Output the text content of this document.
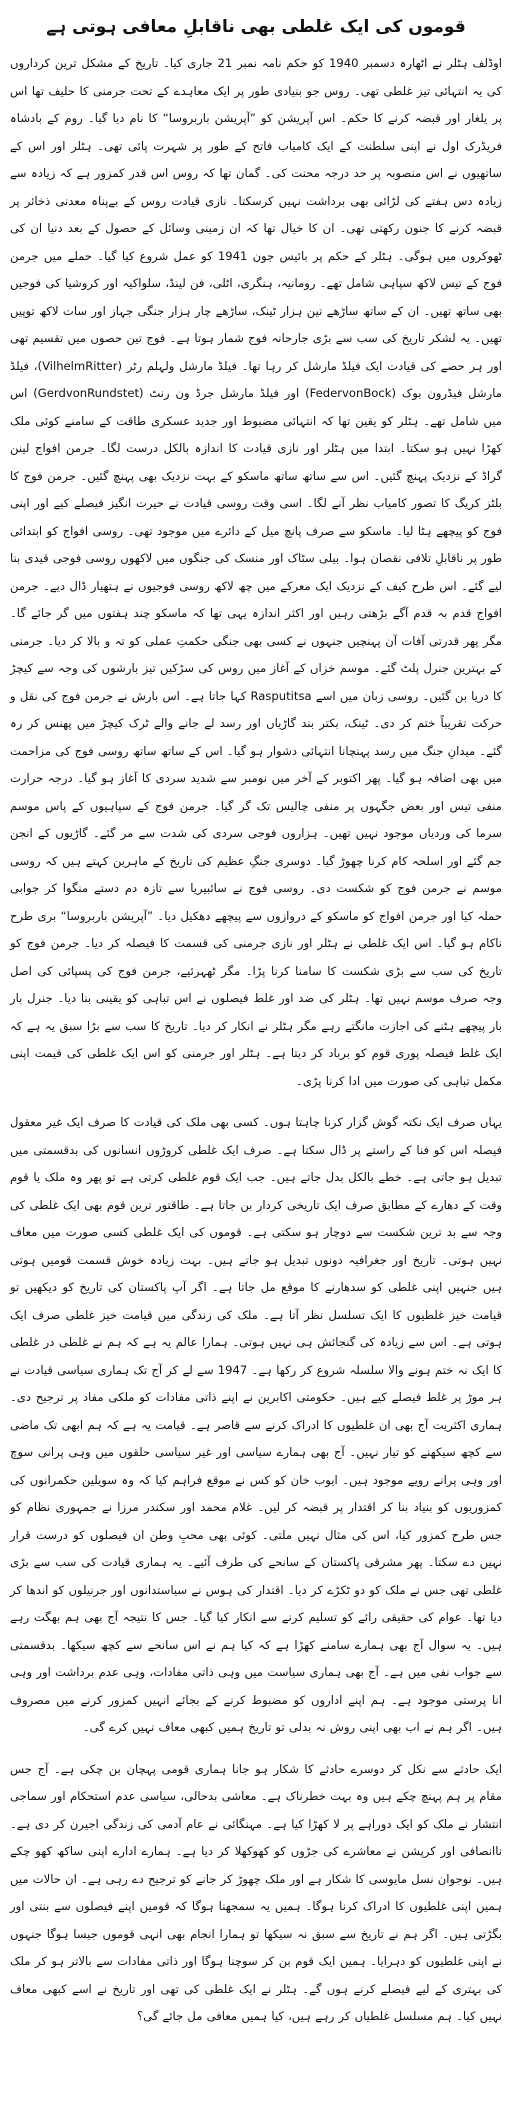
قوموں کی ایک غلطی بھی ناقابلِ معافی ہوتی ہے

اوڈلف ہٹلر نے اٹھارہ دسمبر 1940 کو حکم نامہ نمبر 21 جاری کیا۔ تاریخ کے مشکل ترین کرداروں کی یہ انتہائی تیز غلطی تھی۔ روس جو بنیادی طور پر ایک معاہدے کے تحت جرمنی کا حلیف تھا اس پر یلغار اور قبضہ کرنے کا حکم۔ اس آپریشن کو ”آپریشن باربروسا“ کا نام دیا گیا۔ روم کے بادشاہ فریڈرک اول نے اپنی سلطنت کے ایک کامیاب فاتح کے طور پر شہرت پائی تھی۔ ہٹلر اور اس کے ساتھیوں نے اس منصوبہ پر حد درجہ محنت کی۔ گمان تھا کہ روس اس قدر کمزور ہے کہ زیادہ سے زیادہ دس ہفتے کی لڑائی بھی برداشت نہیں کرسکتا۔ نازی قیادت روس کے بےپناہ معدنی ذخائر پر قبضہ کرنے کا جنون رکھتی تھی۔ ان کا خیال تھا کہ ان زمینی وسائل کے حصول کے بعد دنیا ان کی ٹھوکروں میں ہوگی۔ ہٹلر کے حکم پر بائیس جون 1941 کو عمل شروع کیا گیا۔ حملے میں جرمن فوج کے تیس لاکھ سپاہی شامل تھے۔ رومانیہ، ہنگری، اٹلی، فن لینڈ، سلواکیہ اور کروشیا کی فوجیں بھی ساتھ تھیں۔ ان کے ساتھ ساڑھے تین ہزار ٹینک، ساڑھے چار ہزار جنگی جہاز اور سات لاکھ توپیں تھیں۔ یہ لشکر تاریخ کی سب سے بڑی جارحانہ فوج شمار ہوتا ہے۔ فوج تین حصوں میں تقسیم تھی اور ہر حصے کی قیادت ایک فیلڈ مارشل کر رہا تھا۔ فیلڈ مارشل ولہلم رٹر (VilhelmRitter)، فیلڈ مارشل فیڈرون بوک (FedervonBock) اور فیلڈ مارشل جرڈ ون رنٹ (GerdvonRundstet) اس میں شامل تھے۔ ہٹلر کو یقین تھا کہ انتہائی مضبوط اور جدید عسکری طاقت کے سامنے کوئی ملک کھڑا نہیں ہو سکتا۔ ابتدا میں ہٹلر اور نازی قیادت کا اندازہ بالکل درست لگا۔ جرمن افواج لینن گراڈ کے نزدیک پہنچ گئیں۔ اس سے ساتھ ساتھ ماسکو کے بہت نزدیک بھی پہنچ گئیں۔ جرمن فوج کا بلٹز کریگ کا تصور کامیاب نظر آنے لگا۔ اسی وقت روسی قیادت نے حیرت انگیز فیصلے کیے اور اپنی فوج کو پیچھے ہٹا لیا۔ ماسکو سے صرف پانچ میل کے دائرے میں موجود تھی۔ روسی افواج کو ابتدائی طور پر ناقابلِ تلافی نقصان ہوا۔ بیلی سٹاک اور منسک کی جنگوں میں لاکھوں روسی فوجی قیدی بنا لیے گئے۔ اس طرح کیف کے نزدیک ایک معرکے میں چھ لاکھ روسی فوجیوں نے ہتھیار ڈال دیے۔ جرمن افواج قدم بہ قدم آگے بڑھتی رہیں اور اکثر اندازہ یہی تھا کہ ماسکو چند ہفتوں میں گر جائے گا۔ مگر پھر قدرتی آفات آن پہنچیں جنہوں نے کسی بھی جنگی حکمتِ عملی کو تہ و بالا کر دیا۔ جرمنی کے بہترین جنرل پلٹ گئے۔ موسم خزاں کے آغاز میں روس کی سڑکیں تیز بارشوں کی وجہ سے کیچڑ کا دریا بن گئیں۔ روسی زبان میں اسے Rasputitsa کہا جاتا ہے۔ اس بارش نے جرمن فوج کی نقل و حرکت تقریباً ختم کر دی۔ ٹینک، بکتر بند گاڑیاں اور رسد لے جانے والے ٹرک کیچڑ میں پھنس کر رہ گئے۔ میدانِ جنگ میں رسد پہنچانا انتہائی دشوار ہو گیا۔ اس کے ساتھ ساتھ روسی فوج کی مزاحمت میں بھی اضافہ ہو گیا۔ پھر اکتوبر کے آخر میں نومبر سے شدید سردی کا آغاز ہو گیا۔ درجہ حرارت منفی تیس اور بعض جگہوں پر منفی چالیس تک گر گیا۔ جرمن فوج کے سپاہیوں کے پاس موسم سرما کی وردیاں موجود نہیں تھیں۔ ہزاروں فوجی سردی کی شدت سے مر گئے۔ گاڑیوں کے انجن جم گئے اور اسلحہ کام کرنا چھوڑ گیا۔ دوسری جنگِ عظیم کی تاریخ کے ماہرین کہتے ہیں کہ روسی موسم نے جرمن فوج کو شکست دی۔ روسی فوج نے سائبیریا سے تازہ دم دستے منگوا کر جوابی حملہ کیا اور جرمن افواج کو ماسکو کے دروازوں سے پیچھے دھکیل دیا۔ ”آپریشن باربروسا“ بری طرح ناکام ہو گیا۔ اس ایک غلطی نے ہٹلر اور نازی جرمنی کی قسمت کا فیصلہ کر دیا۔ جرمن فوج کو تاریخ کی سب سے بڑی شکست کا سامنا کرنا پڑا۔ مگر ٹھہرئیے، جرمن فوج کی پسپائی کی اصل وجہ صرف موسم نہیں تھا۔ ہٹلر کی ضد اور غلط فیصلوں نے اس تباہی کو یقینی بنا دیا۔ جنرل بار بار پیچھے ہٹنے کی اجازت مانگتے رہے مگر ہٹلر نے انکار کر دیا۔ تاریخ کا سب سے بڑا سبق یہ ہے کہ ایک غلط فیصلہ پوری قوم کو برباد کر دیتا ہے۔ ہٹلر اور جرمنی کو اس ایک غلطی کی قیمت اپنی مکمل تباہی کی صورت میں ادا کرنا پڑی۔

یہاں صرف ایک نکتہ گوش گزار کرنا چاہتا ہوں۔ کسی بھی ملک کی قیادت کا صرف ایک غیر معقول فیصلہ اس کو فنا کے راستے پر ڈال سکتا ہے۔ صرف ایک غلطی کروڑوں انسانوں کی بدقسمتی میں تبدیل ہو جاتی ہے۔ خطے بالکل بدل جاتے ہیں۔ جب ایک قوم غلطی کرتی ہے تو پھر وہ ملک یا قوم وقت کے دھارے کے مطابق صرف ایک تاریخی کردار بن جاتا ہے۔ طاقتور ترین قوم بھی ایک غلطی کی وجہ سے بد ترین شکست سے دوچار ہو سکتی ہے۔ قوموں کی ایک غلطی کسی صورت میں معاف نہیں ہوتی۔ تاریخ اور جغرافیہ دونوں تبدیل ہو جاتے ہیں۔ بہت زیادہ خوش قسمت قومیں ہوتی ہیں جنہیں اپنی غلطی کو سدھارنے کا موقع مل جاتا ہے۔ اگر آپ پاکستان کی تاریخ کو دیکھیں تو قیامت خیز غلطیوں کا ایک تسلسل نظر آتا ہے۔ ملک کی زندگی میں قیامت خیز غلطی صرف ایک ہوتی ہے۔ اس سے زیادہ کی گنجائش ہی نہیں ہوتی۔ ہمارا عالم یہ ہے کہ ہم نے غلطی در غلطی کا ایک نہ ختم ہونے والا سلسلہ شروع کر رکھا ہے۔ 1947 سے لے کر آج تک ہماری سیاسی قیادت نے ہر موڑ پر غلط فیصلے کیے ہیں۔ حکومتی اکابرین نے اپنے ذاتی مفادات کو ملکی مفاد پر ترجیح دی۔ ہماری اکثریت آج بھی ان غلطیوں کا ادراک کرنے سے قاصر ہے۔ قیامت یہ ہے کہ ہم ابھی تک ماضی سے کچھ سیکھنے کو تیار نہیں۔ آج بھی ہمارے سیاسی اور غیر سیاسی حلقوں میں وہی پرانی سوچ اور وہی پرانے رویے موجود ہیں۔ ایوب خان کو کس نے موقع فراہم کیا کہ وہ سویلین حکمرانوں کی کمزوریوں کو بنیاد بنا کر اقتدار پر قبضہ کر لیں۔ غلام محمد اور سکندر مرزا نے جمہوری نظام کو جس طرح کمزور کیا، اس کی مثال نہیں ملتی۔ کوئی بھی محبِ وطن ان فیصلوں کو درست قرار نہیں دے سکتا۔ پھر مشرقی پاکستان کے سانحے کی طرف آئیے۔ یہ ہماری قیادت کی سب سے بڑی غلطی تھی جس نے ملک کو دو ٹکڑے کر دیا۔ اقتدار کی ہوس نے سیاستدانوں اور جرنیلوں کو اندھا کر دیا تھا۔ عوام کی حقیقی رائے کو تسلیم کرنے سے انکار کیا گیا۔ جس کا نتیجہ آج بھی ہم بھگت رہے ہیں۔ یہ سوال آج بھی ہمارے سامنے کھڑا ہے کہ کیا ہم نے اس سانحے سے کچھ سیکھا۔ بدقسمتی سے جواب نفی میں ہے۔ آج بھی ہماری سیاست میں وہی ذاتی مفادات، وہی عدم برداشت اور وہی انا پرستی موجود ہے۔ ہم اپنے اداروں کو مضبوط کرنے کے بجائے انہیں کمزور کرنے میں مصروف ہیں۔ اگر ہم نے اب بھی اپنی روش نہ بدلی تو تاریخ ہمیں کبھی معاف نہیں کرے گی۔

ایک حادثے سے نکل کر دوسرے حادثے کا شکار ہو جانا ہماری قومی پہچان بن چکی ہے۔ آج جس مقام پر ہم پہنچ چکے ہیں وہ بہت خطرناک ہے۔ معاشی بدحالی، سیاسی عدم استحکام اور سماجی انتشار نے ملک کو ایک دوراہے پر لا کھڑا کیا ہے۔ مہنگائی نے عام آدمی کی زندگی اجیرن کر دی ہے۔ ناانصافی اور کرپشن نے معاشرے کی جڑوں کو کھوکھلا کر دیا ہے۔ ہمارے ادارے اپنی ساکھ کھو چکے ہیں۔ نوجوان نسل مایوسی کا شکار ہے اور ملک چھوڑ کر جانے کو ترجیح دے رہی ہے۔ ان حالات میں ہمیں اپنی غلطیوں کا ادراک کرنا ہوگا۔ ہمیں یہ سمجھنا ہوگا کہ قومیں اپنے فیصلوں سے بنتی اور بگڑتی ہیں۔ اگر ہم نے تاریخ سے سبق نہ سیکھا تو ہمارا انجام بھی انہی قوموں جیسا ہوگا جنہوں نے اپنی غلطیوں کو دہرایا۔ ہمیں ایک قوم بن کر سوچنا ہوگا اور ذاتی مفادات سے بالاتر ہو کر ملک کی بہتری کے لیے فیصلے کرنے ہوں گے۔ ہٹلر نے ایک غلطی کی تھی اور تاریخ نے اسے کبھی معاف نہیں کیا۔ ہم مسلسل غلطیاں کر رہے ہیں، کیا ہمیں معافی مل جائے گی؟
